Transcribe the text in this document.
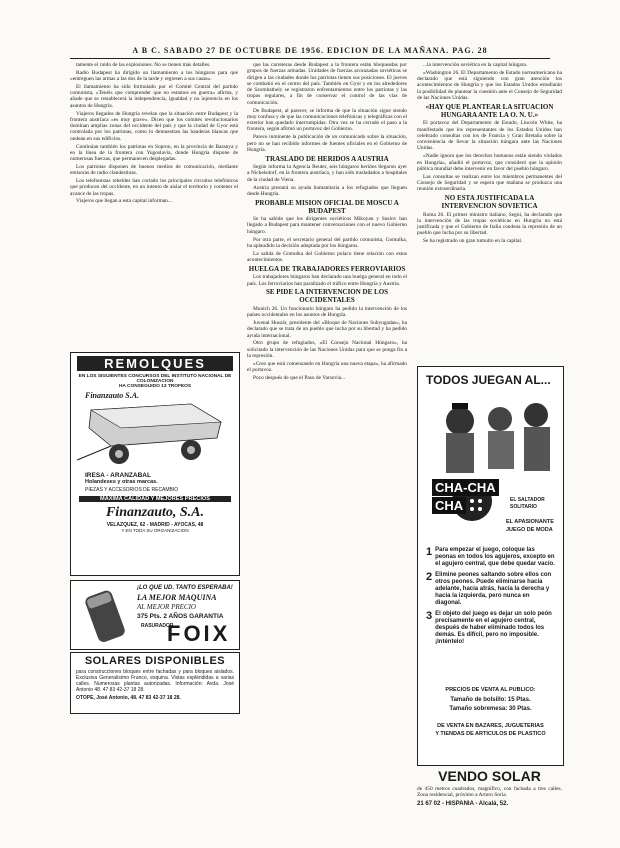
A B C. SABADO 27 DE OCTUBRE DE 1956. EDICION DE LA MAÑANA. PAG. 28

tamente el ruido de las explosiones. No se tienen más detalles.

Radio Budapest ha dirigido un llamamiento a los húngaros para que «entreguen las armas a las dos de la tarde y regresen a sus casas».

El llamamiento ha sido formulado por el Comité Central del partido comunista, «Tenéis que comprender que no estamos en guerra» afirma, y añade que se restablecerá la independencia, igualdad y no injerencia en los asuntos de Hungría.

Viajeros llegados de Hungría revelan que la situación entre Budapest y la frontera austríaca «es muy grave». Dicen que los comités revolucionarios dominan amplias zonas del occidente del país y que la ciudad de Gyor está controlada por los patriotas, como lo demuestran las banderas blancas que ondean en sus edificios.

Continúan también los patriotas en Sopron, en la provincia de Baranya y en la línea de la frontera con Yugoslavia, donde Hungría dispone de numerosas fuerzas, que permanecen desplegadas.

Los patriotas disponen de buenos medios de comunicación, mediante emisoras de radio clandestinas.

Los telefonistas rebeldes han cortado los principales circuitos telefónicos que producen del occidente, en un intento de aislar el territorio y contener el avance de las tropas.

Viajeros que llegan a esta capital informan...

que las carreteras desde Budapest a la frontera están bloqueadas por grupos de fuerzas armadas. Unidades de fuerzas acorazadas soviéticas se dirigen a las ciudades donde los patriotas tienen sus posiciones. El jueves se combatió en el centro del país. También en Gyor y en los alrededores de Szombathely se registraron enfrentamientos entre los patriotas y las tropas regulares, a fin de conservar el control de las vías de comunicación.

De Budapest, al parecer, se informa de que la situación sigue siendo muy confusa y de que las comunicaciones telefónicas y telegráficas con el exterior han quedado interrumpidas. Otra vez se ha cerrado el paso a la frontera, según afirmó un portavoz del Gobierno.

Parece inminente la publicación de un comunicado sobre la situación, pero no se han recibido informes de fuentes oficiales en el Gobierno de Hungría.

TRASLADO DE HERIDOS A AUSTRIA

Según informa la Agencia Reuter, seis húngaros heridos llegaron ayer a Nickelsdorf, en la frontera austríaca, y han sido trasladados a hospitales de la ciudad de Viena.

Austria prestará su ayuda humanitaria a los refugiados que lleguen desde Hungría.

PROBABLE MISION OFICIAL DE MOSCU A BUDAPEST

Se ha sabido que los dirigentes soviéticos Mikoyan y Suslov han llegado a Budapest para mantener conversaciones con el nuevo Gobierno húngaro.

Por otra parte, el secretario general del partido comunista, Gomulka, ha aplaudido la decisión adoptada por los húngaros.

La salida de Gomulka del Gobierno polaco tiene relación con estos acontecimientos.

HUELGA DE TRABAJADORES FERROVIARIOS

Los trabajadores húngaros han declarado una huelga general en todo el país. Los ferroviarios han paralizado el tráfico entre Hungría y Austria.

SE PIDE LA INTERVENCION DE LOS OCCIDENTALES

Munich 26. Un funcionario húngaro ha pedido la intervención de los países occidentales en los asuntos de Hungría.

Juvenal Huszár, presidente del «Bloque de Naciones Subyugadas», ha declarado que se trata de un pueblo que lucha por su libertad y ha pedido ayuda internacional.

Otro grupo de refugiados, «El Consejo Nacional Húngaro», ha solicitado la intervención de las Naciones Unidas para que se ponga fin a la represión.

«Creo que está comenzando en Hungría una nueva etapa», ha afirmado el portavoz.

Poco después de que el Paso de Varsovia...

...la intervención soviética en la capital húngara.

«Washington 26. El Departamento de Estado norteamericano ha declarado que está siguiendo con gran atención los acontecimientos de Hungría y que los Estados Unidos estudiarán la posibilidad de plantear la cuestión ante el Consejo de Seguridad de las Naciones Unidas.

«HAY QUE PLANTEAR LA SITUACION HUNGARA ANTE LA O. N. U.»

El portavoz del Departamento de Estado, Lincoln White, ha manifestado que los representantes de los Estados Unidos han celebrado consultas con los de Francia y Gran Bretaña sobre la conveniencia de llevar la situación húngara ante las Naciones Unidas.

«Nadie ignora que los derechos humanos están siendo violados en Hungría», añadió el portavoz, que consideró que la opinión pública mundial debe intervenir en favor del pueblo húngaro.

Las consultas se realizan entre los miembros permanentes del Consejo de Seguridad y se espera que mañana se produzca una reunión extraordinaria.

NO ESTA JUSTIFICADA LA INTERVENCION SOVIETICA

Roma 26. El primer ministro italiano, Segni, ha declarado que la intervención de las tropas soviéticas en Hungría no está justificada y que el Gobierno de Italia condena la represión de un pueblo que lucha por su libertad.

Se ha registrado un gran tumulto en la capital.

REMOLQUES
EN LOS SIGUIENTES CONCURSOS DEL INSTITUTO NACIONAL DE COLONIZACION
HA CONSEGUIDO 13 TROFEOS
Finanzauto S.A.
IRESA - ARANZABAL
Holandeses y otras marcas.
PIEZAS Y ACCESORIOS DE RECAMBIO
MAXIMA CALIDAD Y MEJORES PRECIOS
Finanzauto, S.A.
VELAZQUEZ, 62 - MADRID - AYOCAS, 48
Y EN TODA SU ORGANIZACION
¡LO QUE UD. TANTO ESPERABA!
LA MEJOR MAQUINA
AL MEJOR PRECIO
375 Pts. 2 AÑOS GARANTIA
RASURADOR
FOIX
SOLARES DISPONIBLES
para construcciones bloques entre fachadas y para bloques aislados. Exclusiva Generalísimo Franco, esquina. Vistas espléndidas a varias calles. Numerosas plantas autorizadas. Información: Avda. José Antonio 48. 47 83 42-37 18 28.
OTOPE, José Antonio, 48. 47 83 42-37 18 28.
TODOS JUEGAN AL...
CHA-CHA
CHA	EL SALTADOR
SOLITARIO
EL APASIONANTE
JUEGO DE MODA
1 Para empezar el juego, coloque las peonas en todos los agujeros, excepto en el agujero central, que debe quedar vacío.
2 Elimine peones saltando sobre ellos con otros peones. Puede eliminarse hacia adelante, hacia atrás, hacia la derecha y hacia la izquierda, pero nunca en diagonal.
3 El objeto del juego es dejar un solo peón precisamente en el agujero central, después de haber eliminado todos los demás. Es difícil, pero no imposible. ¡Inténtelo!
PRECIOS DE VENTA AL PUBLICO:
Tamaño de bolsillo: 15 Ptas.
Tamaño sobremesa: 30 Ptas.
DE VENTA EN BAZARES, JUGUETERIAS
Y TIENDAS DE ARTICULOS DE PLASTICO
VENDO SOLAR
de 450 metros cuadrados, magnífico, con fachada a tres calles. Zona residencial, próximo a Arturo Soria.
21 67 02 - HISPANIA - Alcalá, 52.
